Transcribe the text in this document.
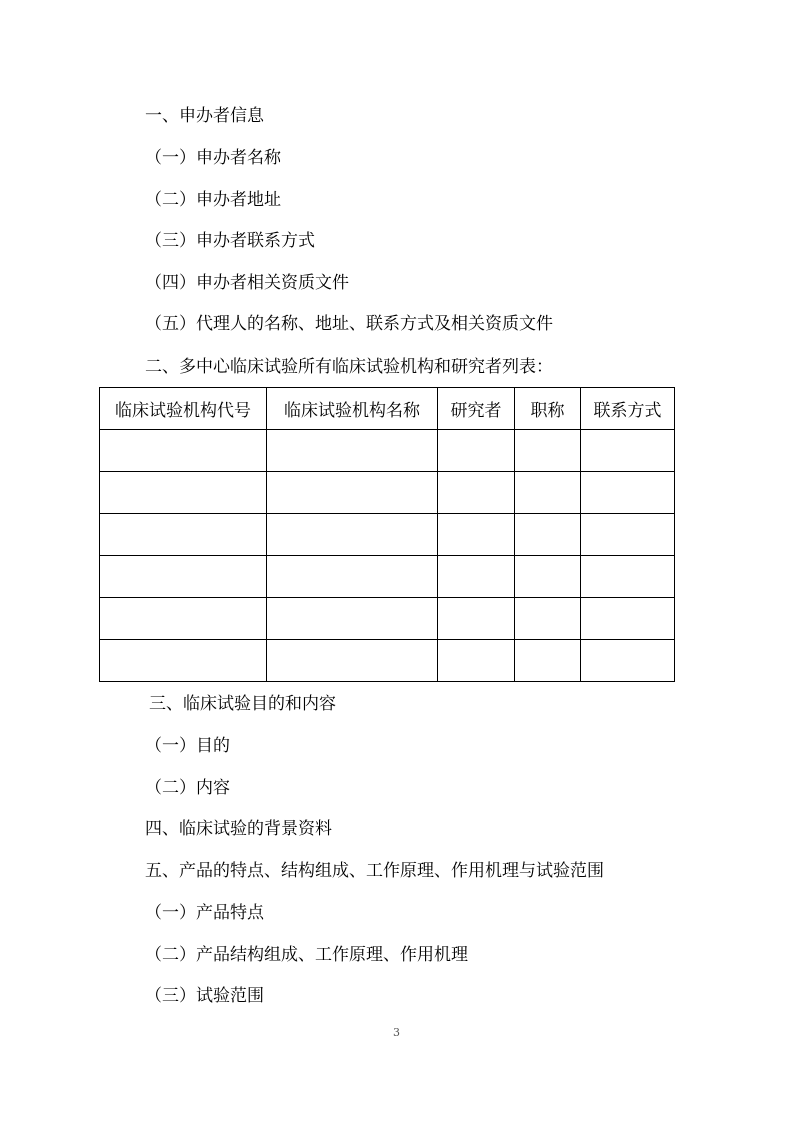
一、申办者信息

（一）申办者名称

（二）申办者地址

（三）申办者联系方式

（四）申办者相关资质文件

（五）代理人的名称、地址、联系方式及相关资质文件

二、多中心临床试验所有临床试验机构和研究者列表：

临床试验机构代号	临床试验机构名称	研究者	职称	联系方式

三、临床试验目的和内容

（一）目的

（二）内容

四、临床试验的背景资料

五、产品的特点、结构组成、工作原理、作用机理与试验范围

（一）产品特点

（二）产品结构组成、工作原理、作用机理

（三）试验范围

3
